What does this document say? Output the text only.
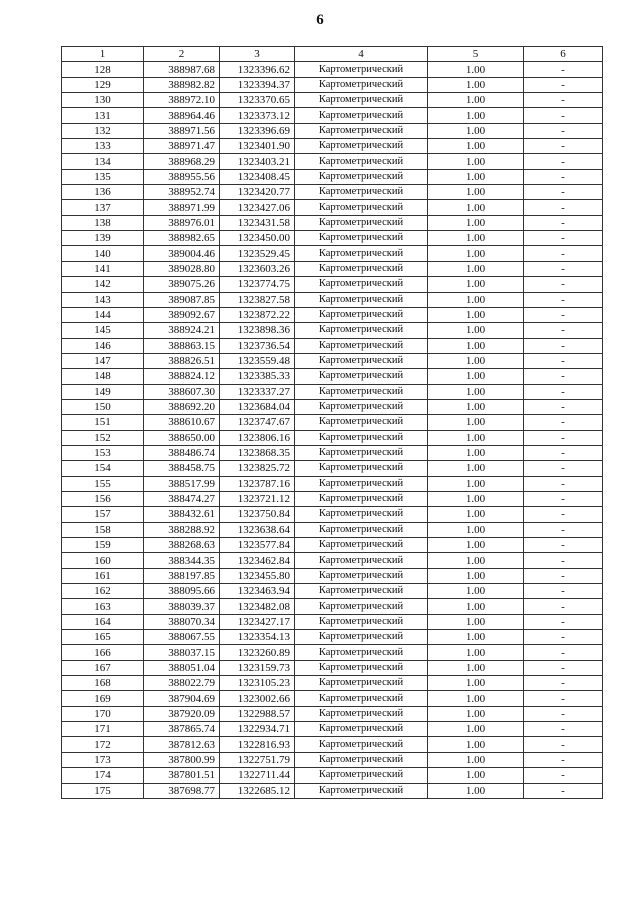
6
1	2	3	4	5	6
128	388987.68	1323396.62	Картометрический	1.00	-
129	388982.82	1323394.37	Картометрический	1.00	-
130	388972.10	1323370.65	Картометрический	1.00	-
131	388964.46	1323373.12	Картометрический	1.00	-
132	388971.56	1323396.69	Картометрический	1.00	-
133	388971.47	1323401.90	Картометрический	1.00	-
134	388968.29	1323403.21	Картометрический	1.00	-
135	388955.56	1323408.45	Картометрический	1.00	-
136	388952.74	1323420.77	Картометрический	1.00	-
137	388971.99	1323427.06	Картометрический	1.00	-
138	388976.01	1323431.58	Картометрический	1.00	-
139	388982.65	1323450.00	Картометрический	1.00	-
140	389004.46	1323529.45	Картометрический	1.00	-
141	389028.80	1323603.26	Картометрический	1.00	-
142	389075.26	1323774.75	Картометрический	1.00	-
143	389087.85	1323827.58	Картометрический	1.00	-
144	389092.67	1323872.22	Картометрический	1.00	-
145	388924.21	1323898.36	Картометрический	1.00	-
146	388863.15	1323736.54	Картометрический	1.00	-
147	388826.51	1323559.48	Картометрический	1.00	-
148	388824.12	1323385.33	Картометрический	1.00	-
149	388607.30	1323337.27	Картометрический	1.00	-
150	388692.20	1323684.04	Картометрический	1.00	-
151	388610.67	1323747.67	Картометрический	1.00	-
152	388650.00	1323806.16	Картометрический	1.00	-
153	388486.74	1323868.35	Картометрический	1.00	-
154	388458.75	1323825.72	Картометрический	1.00	-
155	388517.99	1323787.16	Картометрический	1.00	-
156	388474.27	1323721.12	Картометрический	1.00	-
157	388432.61	1323750.84	Картометрический	1.00	-
158	388288.92	1323638.64	Картометрический	1.00	-
159	388268.63	1323577.84	Картометрический	1.00	-
160	388344.35	1323462.84	Картометрический	1.00	-
161	388197.85	1323455.80	Картометрический	1.00	-
162	388095.66	1323463.94	Картометрический	1.00	-
163	388039.37	1323482.08	Картометрический	1.00	-
164	388070.34	1323427.17	Картометрический	1.00	-
165	388067.55	1323354.13	Картометрический	1.00	-
166	388037.15	1323260.89	Картометрический	1.00	-
167	388051.04	1323159.73	Картометрический	1.00	-
168	388022.79	1323105.23	Картометрический	1.00	-
169	387904.69	1323002.66	Картометрический	1.00	-
170	387920.09	1322988.57	Картометрический	1.00	-
171	387865.74	1322934.71	Картометрический	1.00	-
172	387812.63	1322816.93	Картометрический	1.00	-
173	387800.99	1322751.79	Картометрический	1.00	-
174	387801.51	1322711.44	Картометрический	1.00	-
175	387698.77	1322685.12	Картометрический	1.00	-
